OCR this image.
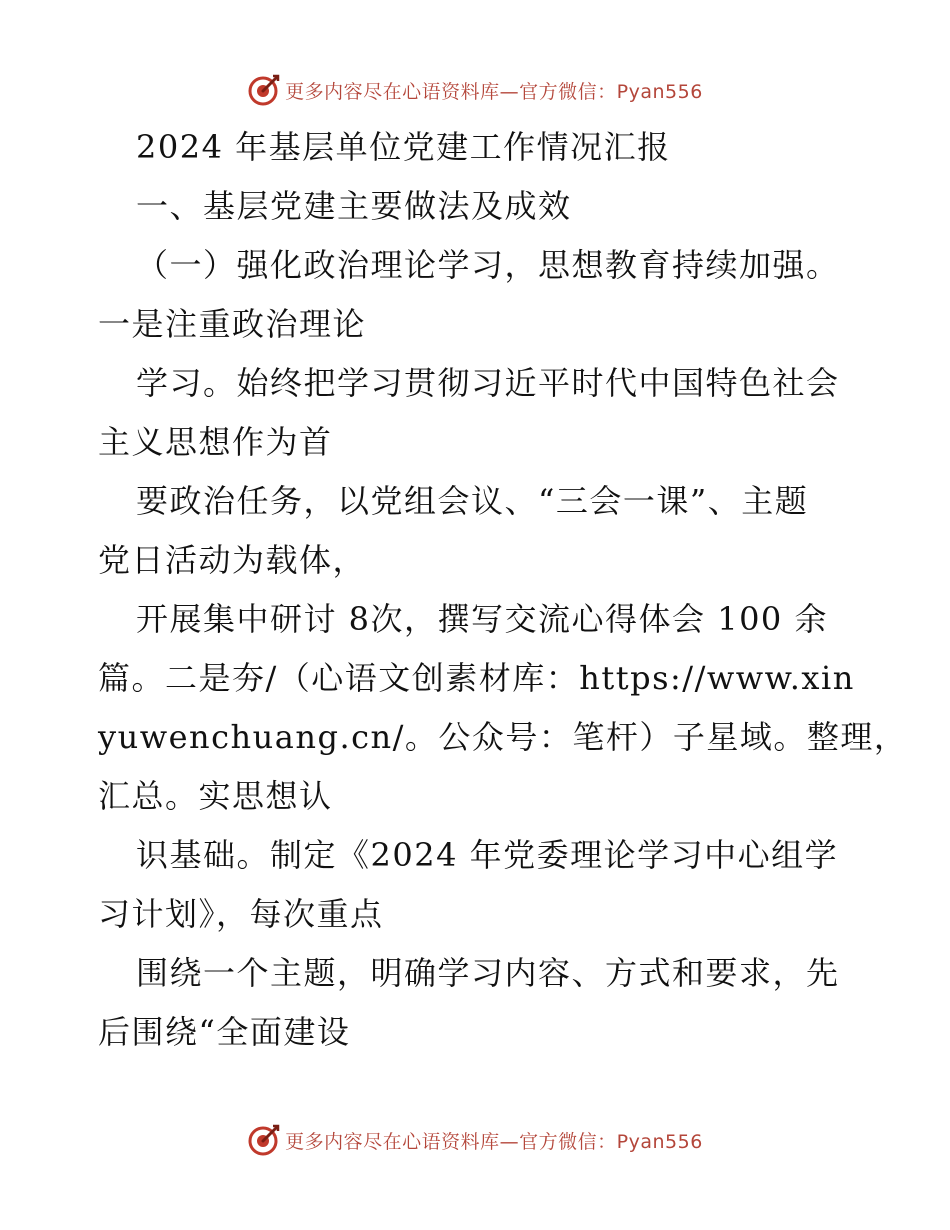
更多内容尽在心语资料库—官方微信：Pyan556
2024 年基层单位党建工作情况汇报
一、基层党建主要做法及成效
（一）强化政治理论学习，思想教育持续加强。
一是注重政治理论
学习。始终把学习贯彻习近平时代中国特色社会
主义思想作为首
要政治任务，以党组会议、“三会一课”、主题
党日活动为载体，
开展集中研讨 8次，撰写交流心得体会 100 余
篇。二是夯/（心语文创素材库：https://www.xin
yuwenchuang.cn/。公众号：笔杆）子星域。整理，
汇总。实思想认
识基础。制定《2024 年党委理论学习中心组学
习计划》，每次重点
围绕一个主题，明确学习内容、方式和要求，先
后围绕“全面建设
更多内容尽在心语资料库—官方微信：Pyan556
